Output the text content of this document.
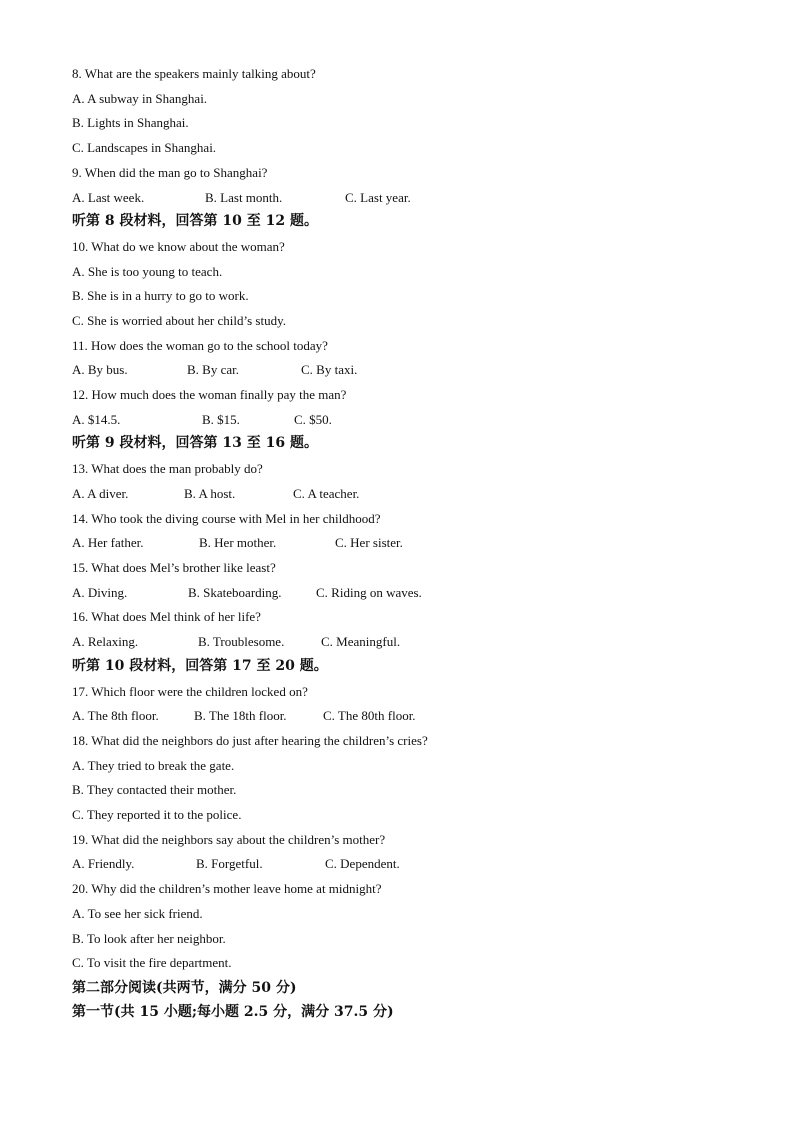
8. What are the speakers mainly talking about?
A. A subway in Shanghai.
B. Lights in Shanghai.
C. Landscapes in Shanghai.
9. When did the man go to Shanghai?
A. Last week.	B. Last month.	C. Last year.
听第 8 段材料，回答第 10 至 12 题。
10. What do we know about the woman?
A. She is too young to teach.
B. She is in a hurry to go to work.
C. She is worried about her child’s study.
11. How does the woman go to the school today?
A. By bus.	B. By car.	C. By taxi.
12. How much does the woman finally pay the man?
A. $14.5.	B. $15.	C. $50.
听第 9 段材料，回答第 13 至 16 题。
13. What does the man probably do?
A. A diver.	B. A host.	C. A teacher.
14. Who took the diving course with Mel in her childhood?
A. Her father.	B. Her mother.	C. Her sister.
15. What does Mel’s brother like least?
A. Diving.	B. Skateboarding.	C. Riding on waves.
16. What does Mel think of her life?
A. Relaxing.	B. Troublesome.	C. Meaningful.
听第 10 段材料，回答第 17 至 20 题。
17. Which floor were the children locked on?
A. The 8th floor.	B. The 18th floor.	C. The 80th floor.
18. What did the neighbors do just after hearing the children’s cries?
A. They tried to break the gate.
B. They contacted their mother.
C. They reported it to the police.
19. What did the neighbors say about the children’s mother?
A. Friendly.	B. Forgetful.	C. Dependent.
20. Why did the children’s mother leave home at midnight?
A. To see her sick friend.
B. To look after her neighbor.
C. To visit the fire department.
第二部分阅读(共两节，满分 50 分)
第一节(共 15 小题;每小题 2.5 分，满分 37.5 分)
